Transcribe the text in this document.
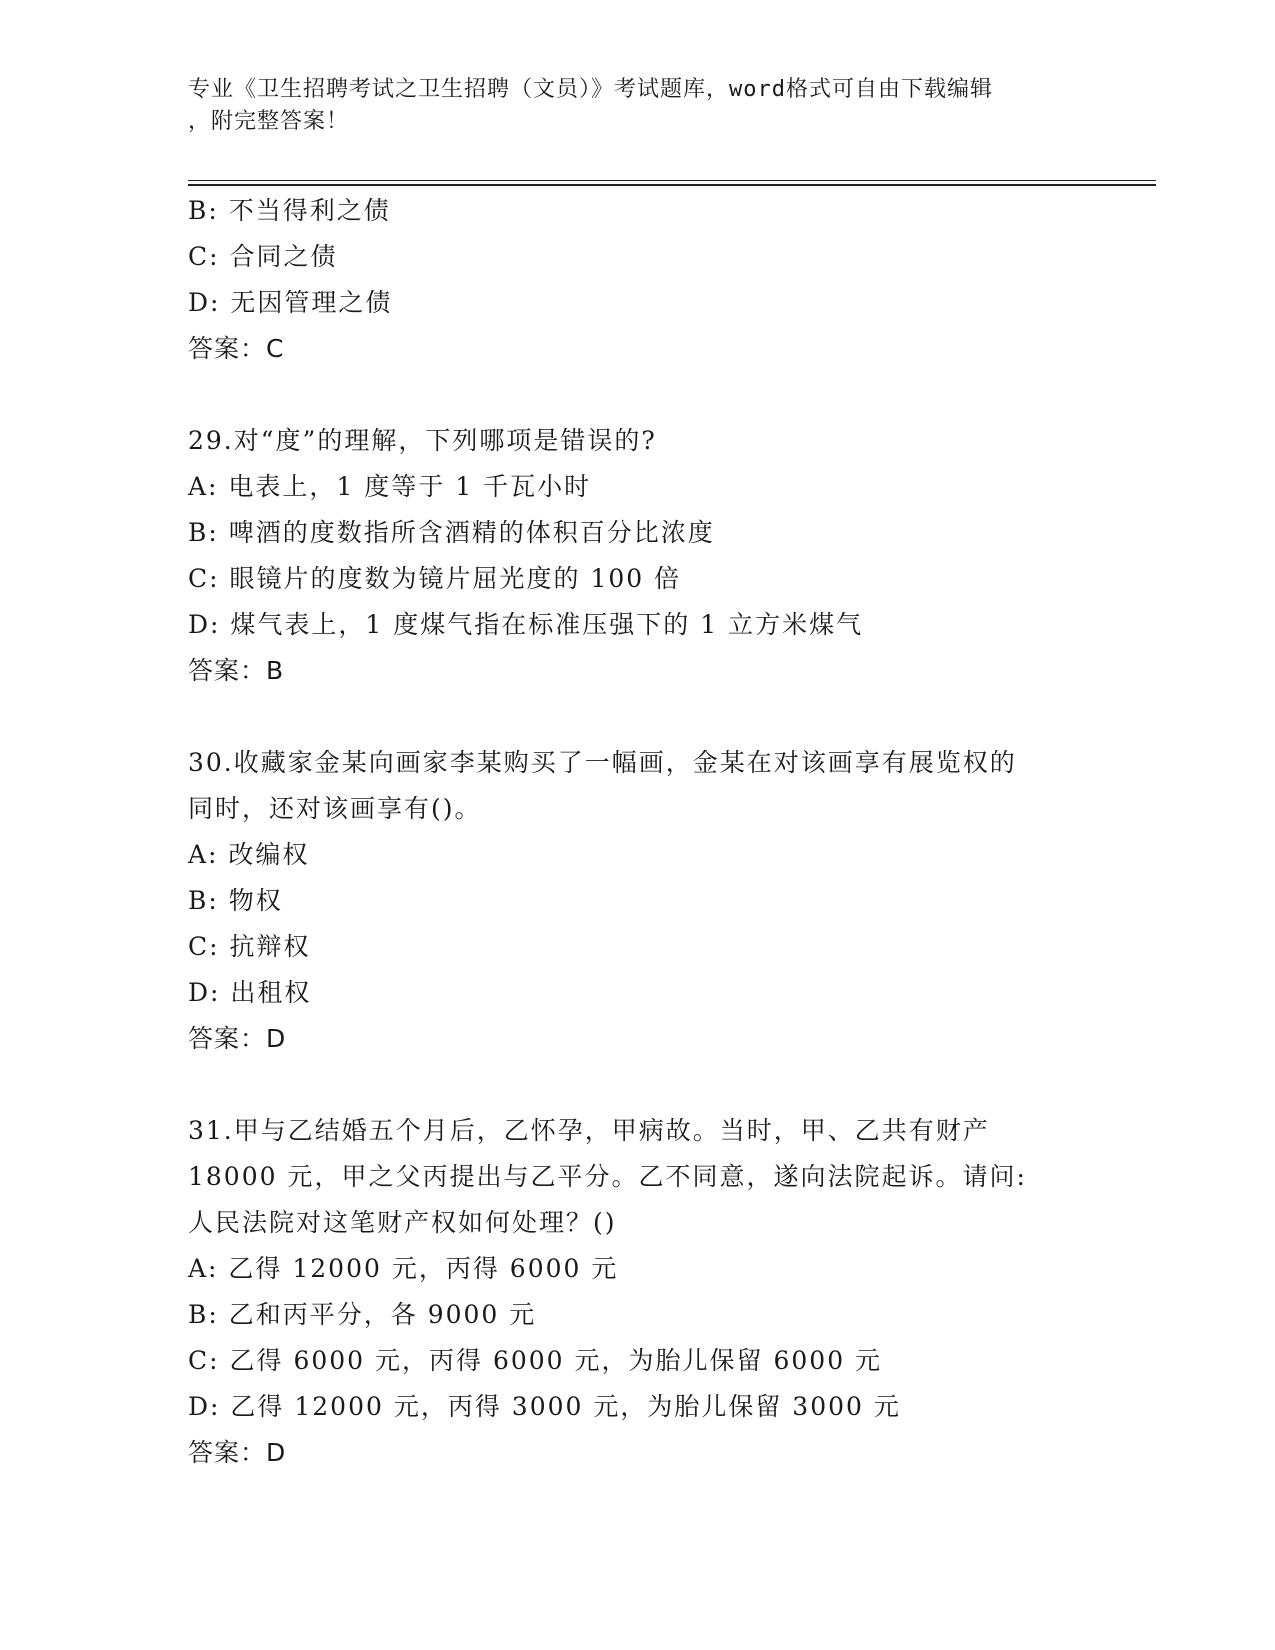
专业《卫生招聘考试之卫生招聘（文员）》考试题库，word格式可自由下载编辑
，附完整答案！
B: 不当得利之债
C: 合同之债
D: 无因管理之债
答案：C
29.对“度”的理解，下列哪项是错误的?
A: 电表上，1 度等于 1 千瓦小时
B: 啤酒的度数指所含酒精的体积百分比浓度
C: 眼镜片的度数为镜片屈光度的 100 倍
D: 煤气表上，1 度煤气指在标准压强下的 1 立方米煤气
答案：B
30.收藏家金某向画家李某购买了一幅画，金某在对该画享有展览权的
同时，还对该画享有()。
A: 改编权
B: 物权
C: 抗辩权
D: 出租权
答案：D
31.甲与乙结婚五个月后，乙怀孕，甲病故。当时，甲、乙共有财产
18000 元，甲之父丙提出与乙平分。乙不同意，遂向法院起诉。请问:
人民法院对这笔财产权如何处理？()
A: 乙得 12000 元，丙得 6000 元
B: 乙和丙平分，各 9000 元
C: 乙得 6000 元，丙得 6000 元，为胎儿保留 6000 元
D: 乙得 12000 元，丙得 3000 元，为胎儿保留 3000 元
答案：D
